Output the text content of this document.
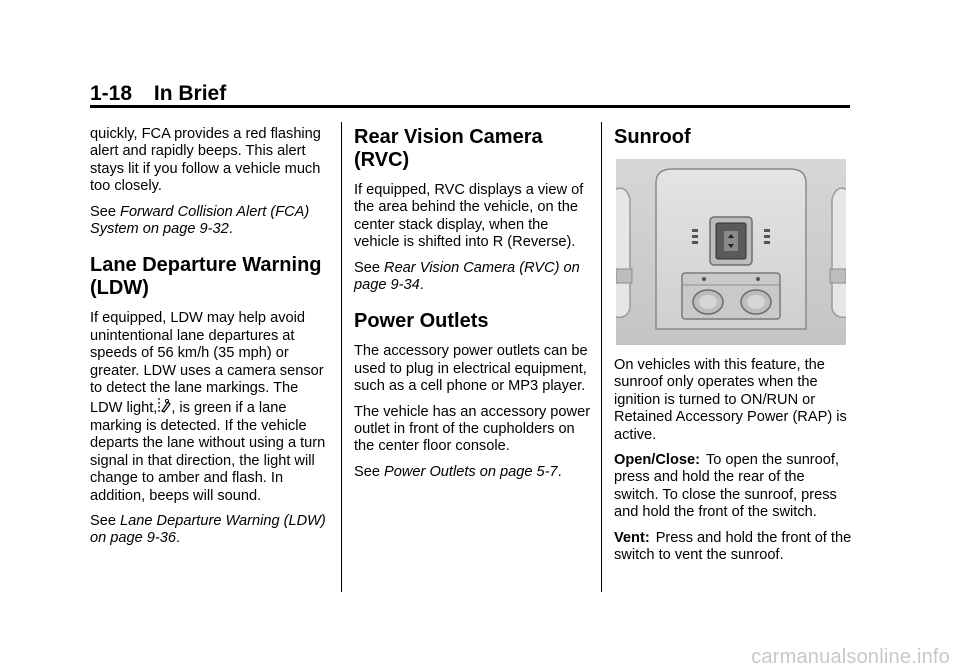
1-18 In Brief

quickly, FCA provides a red flashing alert and rapidly beeps. This alert stays lit if you follow a vehicle much too closely.

See Forward Collision Alert (FCA) System on page 9-32.

Lane Departure Warning (LDW)

If equipped, LDW may help avoid unintentional lane departures at speeds of 56 km/h (35 mph) or greater. LDW uses a camera sensor to detect the lane markings. The LDW light, , is green if a lane marking is detected. If the vehicle departs the lane without using a turn signal in that direction, the light will change to amber and flash. In addition, beeps will sound.

See Lane Departure Warning (LDW) on page 9-36.

Rear Vision Camera (RVC)

If equipped, RVC displays a view of the area behind the vehicle, on the center stack display, when the vehicle is shifted into R (Reverse).

See Rear Vision Camera (RVC) on page 9-34.

Power Outlets

The accessory power outlets can be used to plug in electrical equipment, such as a cell phone or MP3 player.

The vehicle has an accessory power outlet in front of the cupholders on the center floor console.

See Power Outlets on page 5-7.

Sunroof

On vehicles with this feature, the sunroof only operates when the ignition is turned to ON/RUN or Retained Accessory Power (RAP) is active.

Open/Close: To open the sunroof, press and hold the rear of the switch. To close the sunroof, press and hold the front of the switch.

Vent: Press and hold the front of the switch to vent the sunroof.

carmanualsonline.info
